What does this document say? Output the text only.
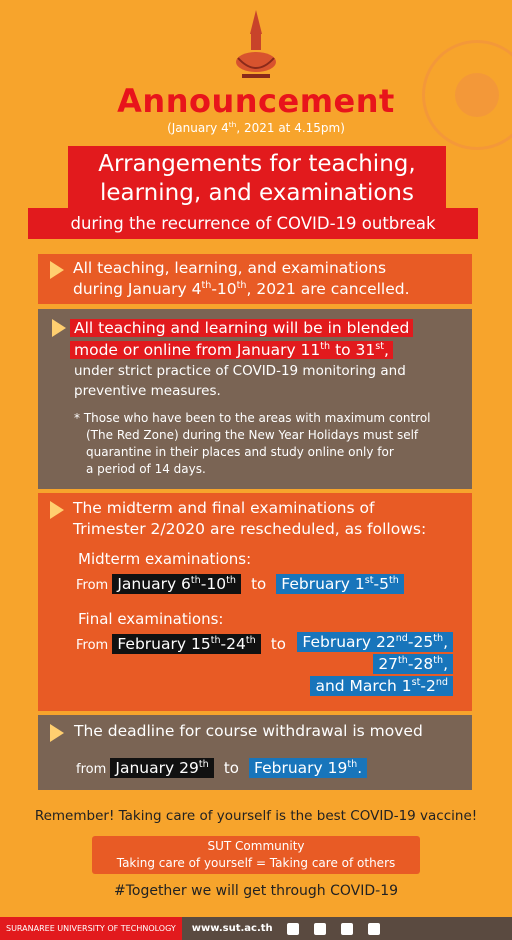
Announcement
(January 4th, 2021 at 4.15pm)
Arrangements for teaching,
learning, and examinations
during the recurrence of COVID-19 outbreak
All teaching, learning, and examinations
during January 4th-10th, 2021 are cancelled.
All teaching and learning will be in blended
mode or online from January 11th to 31st,
under strict practice of COVID-19 monitoring and
preventive measures.
* Those who have been to the areas with maximum control
(The Red Zone) during the New Year Holidays must self
quarantine in their places and study online only for
a period of 14 days.
The midterm and final examinations of
Trimester 2/2020 are rescheduled, as follows:
Midterm examinations:
From January 6th-10th to February 1st-5th
Final examinations:
From February 15th-24th to	February 22nd-25th,
27th-28th,
and March 1st-2nd
The deadline for course withdrawal is moved
from January 29th to February 19th.
Remember! Taking care of yourself is the best COVID-19 vaccine!
SUT Community
Taking care of yourself = Taking care of others
#Together we will get through COVID-19
SURANAREE UNIVERSITY OF TECHNOLOGY	www.sut.ac.th
